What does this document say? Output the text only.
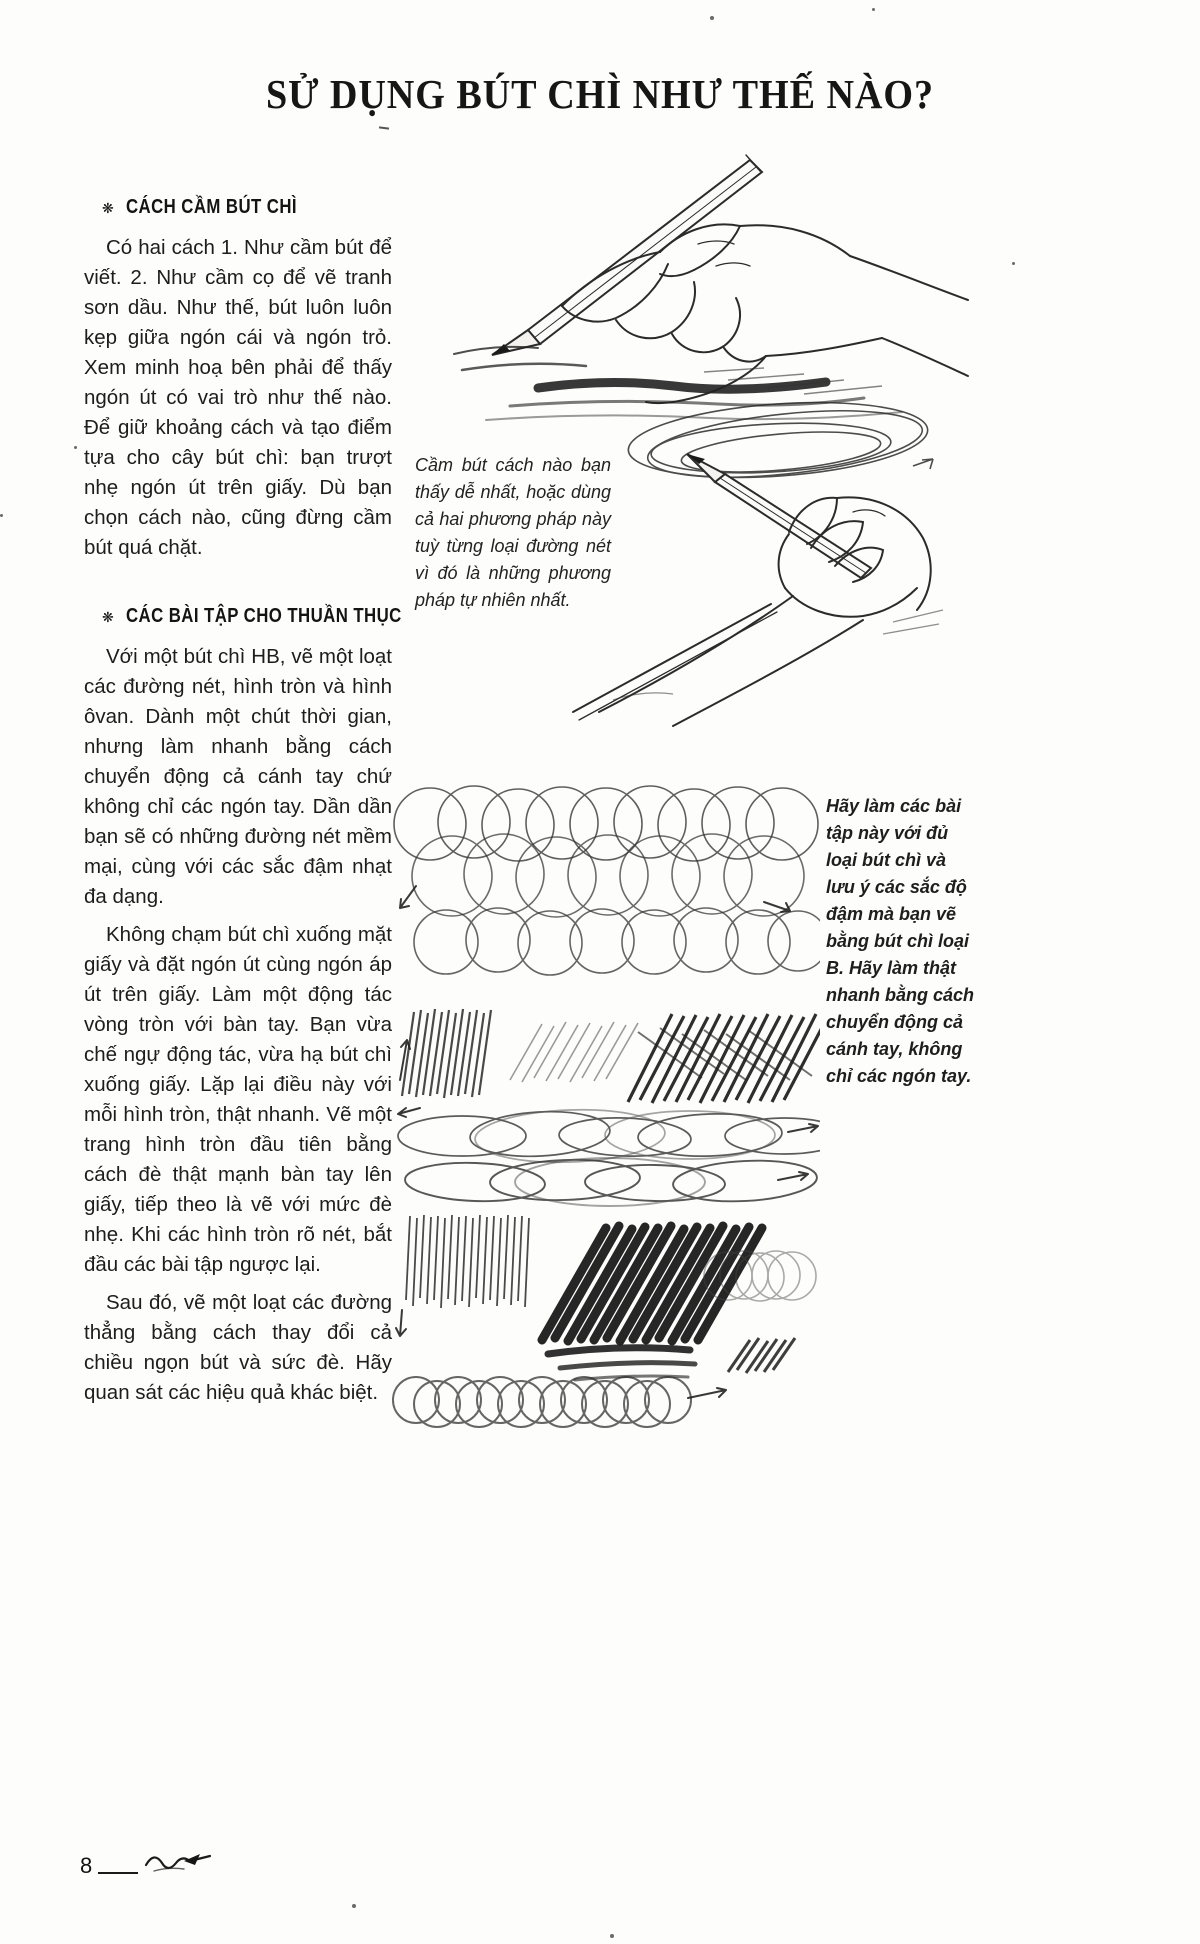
SỬ DỤNG BÚT CHÌ NHƯ THẾ NÀO?
❋ CÁCH CẦM BÚT CHÌ

Có hai cách 1. Như cầm bút để viết. 2. Như cầm cọ để vẽ tranh sơn dầu. Như thế, bút luôn luôn kẹp giữa ngón cái và ngón trỏ. Xem minh hoạ bên phải để thấy ngón út có vai trò như thế nào. Để giữ khoảng cách và tạo điểm tựa cho cây bút chì: bạn trượt nhẹ ngón út trên giấy. Dù bạn chọn cách nào, cũng đừng cầm bút quá chặt.

❋ CÁC BÀI TẬP CHO THUẦN THỤC

Với một bút chì HB, vẽ một loạt các đường nét, hình tròn và hình ôvan. Dành một chút thời gian, nhưng làm nhanh bằng cách chuyển động cả cánh tay chứ không chỉ các ngón tay. Dần dần bạn sẽ có những đường nét mềm mại, cùng với các sắc đậm nhạt đa dạng.

Không chạm bút chì xuống mặt giấy và đặt ngón út cùng ngón áp út trên giấy. Làm một động tác vòng tròn với bàn tay. Bạn vừa chế ngự động tác, vừa hạ bút chì xuống giấy. Lặp lại điều này với mỗi hình tròn, thật nhanh. Vẽ một trang hình tròn đầu tiên bằng cách đè thật mạnh bàn tay lên giấy, tiếp theo là vẽ với mức đè nhẹ. Khi các hình tròn rõ nét, bắt đầu các bài tập ngược lại.

Sau đó, vẽ một loạt các đường thẳng bằng cách thay đổi cả chiều ngọn bút và sức đè. Hãy quan sát các hiệu quả khác biệt.

Cầm bút cách nào bạn thấy dễ nhất, hoặc dùng cả hai phương pháp này tuỳ từng loại đường nét vì đó là những phương pháp tự nhiên nhất.
Hãy làm các bài tập này với đủ loại bút chì và lưu ý các sắc độ đậm mà bạn vẽ bằng bút chì loại B. Hãy làm thật nhanh bằng cách chuyển động cả cánh tay, không chỉ các ngón tay.
8
